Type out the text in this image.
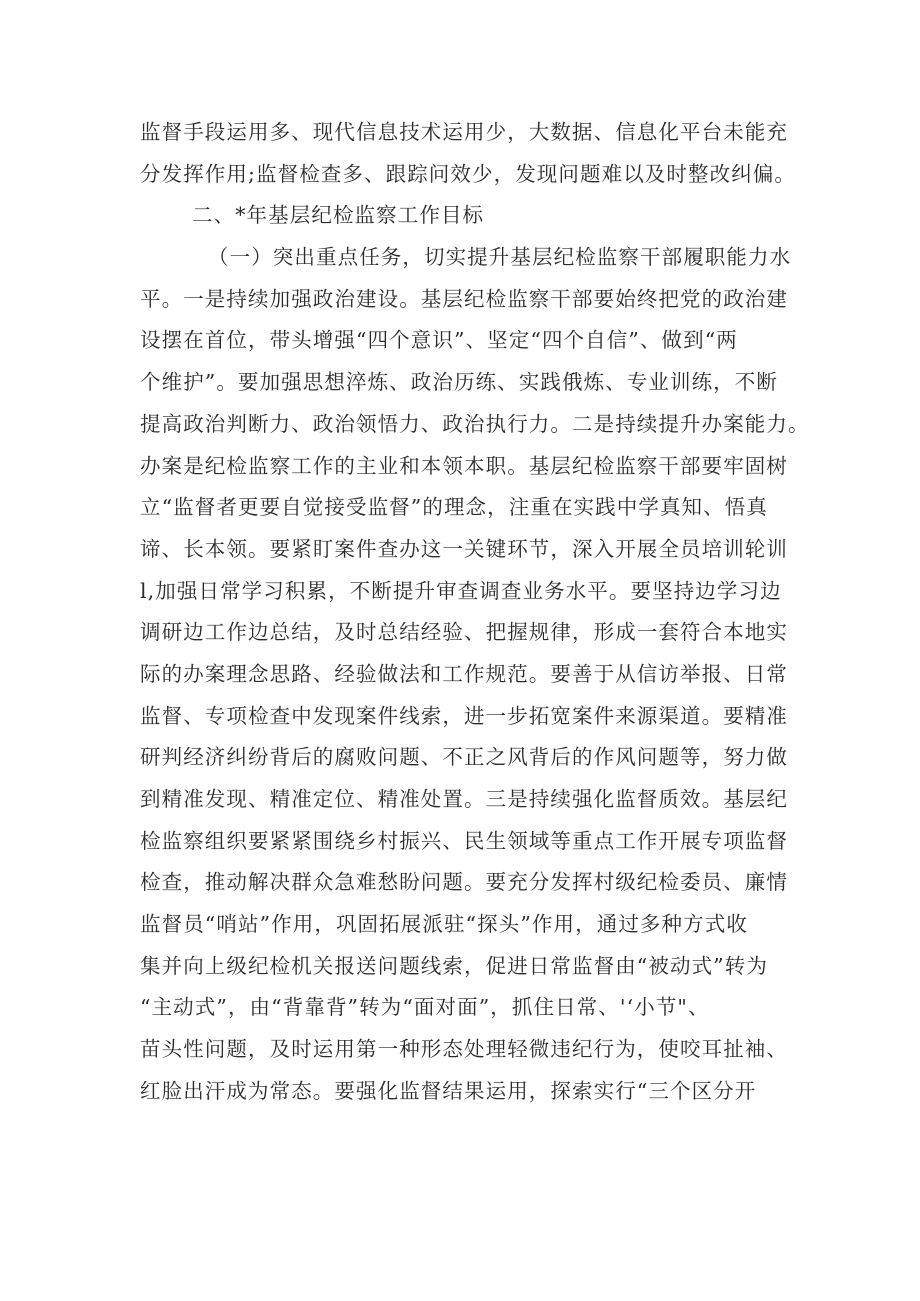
监督手段运用多、现代信息技术运用少，大数据、信息化平台未能充
分发挥作用;监督检查多、跟踪问效少，发现问题难以及时整改纠偏。
二、*年基层纪检监察工作目标
（一）突出重点任务，切实提升基层纪检监察干部履职能力水
平。一是持续加强政治建设。基层纪检监察干部要始终把党的政治建
设摆在首位，带头增强“四个意识”、坚定“四个自信”、做到“两
个维护”。要加强思想淬炼、政治历练、实践俄炼、专业训练，不断
提高政治判断力、政治领悟力、政治执行力。二是持续提升办案能力。
办案是纪检监察工作的主业和本领本职。基层纪检监察干部要牢固树
立“监督者更要自觉接受监督”的理念，注重在实践中学真知、悟真
谛、长本领。要紧盯案件查办这一关键环节，深入开展全员培训轮训
l,加强日常学习积累，不断提升审查调查业务水平。要坚持边学习边
调研边工作边总结，及时总结经验、把握规律，形成一套符合本地实
际的办案理念思路、经验做法和工作规范。要善于从信访举报、日常
监督、专项检查中发现案件线索，进一步拓宽案件来源渠道。要精准
研判经济纠纷背后的腐败问题、不正之风背后的作风问题等，努力做
到精准发现、精准定位、精准处置。三是持续强化监督质效。基层纪
检监察组织要紧紧围绕乡村振兴、民生领域等重点工作开展专项监督
检查，推动解决群众急难愁盼问题。要充分发挥村级纪检委员、廉情
监督员“哨站”作用，巩固拓展派驻“探头”作用，通过多种方式收
集并向上级纪检机关报送问题线索，促进日常监督由“被动式”转为
“主动式”，由“背靠背”转为“面对面”，抓住日常、'‘小节"、
苗头性问题，及时运用第一种形态处理轻微违纪行为，使咬耳扯袖、
红脸出汗成为常态。要强化监督结果运用，探索实行“三个区分开
